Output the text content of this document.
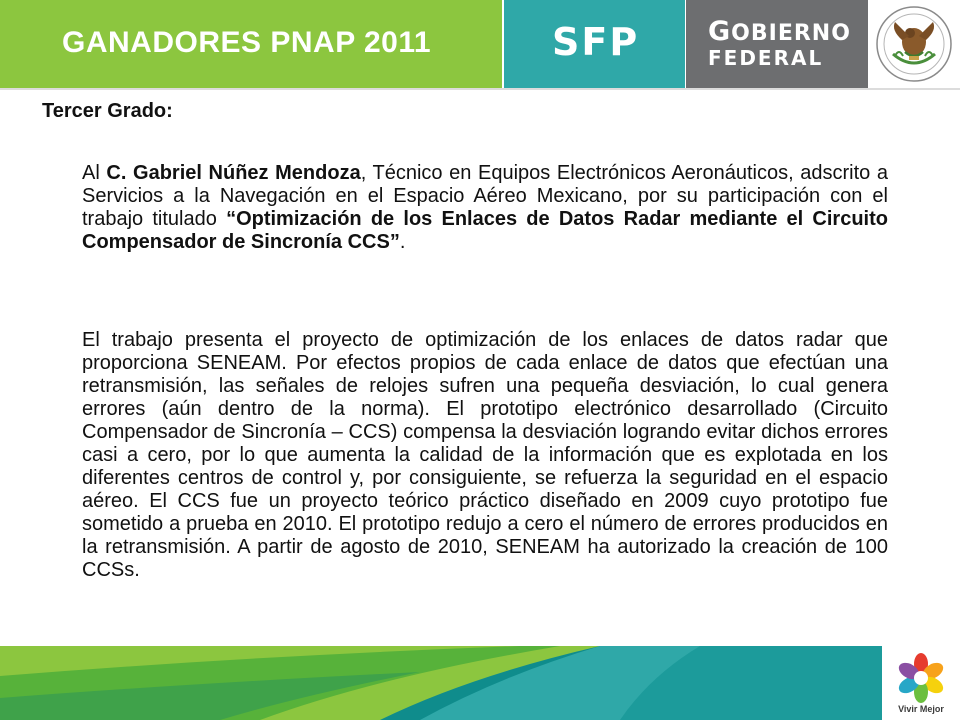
GANADORES PNAP 2011	SFP	GOBIERNO
FEDERAL
Tercer Grado:

Al C. Gabriel Núñez Mendoza, Técnico en Equipos Electrónicos Aeronáuticos, adscrito a Servicios a la Navegación en el Espacio Aéreo Mexicano, por su participación con el trabajo titulado “Optimización de los Enlaces de Datos Radar mediante el Circuito Compensador de Sincronía CCS”.

El trabajo presenta el proyecto de optimización de los enlaces de datos radar que proporciona SENEAM. Por efectos propios de cada enlace de datos que efectúan una retransmisión, las señales de relojes sufren una pequeña desviación, lo cual genera errores (aún dentro de la norma). El prototipo electrónico desarrollado (Circuito Compensador de Sincronía – CCS) compensa la desviación logrando evitar dichos errores casi a cero, por lo que aumenta la calidad de la información que es explotada en los diferentes centros de control y, por consiguiente, se refuerza la seguridad en el espacio aéreo. El CCS fue un proyecto teórico práctico diseñado en 2009 cuyo prototipo fue sometido a prueba en 2010. El prototipo redujo a cero el número de errores producidos en la retransmisión. A partir de agosto de 2010, SENEAM ha autorizado la creación de 100 CCSs.

Vivir Mejor
